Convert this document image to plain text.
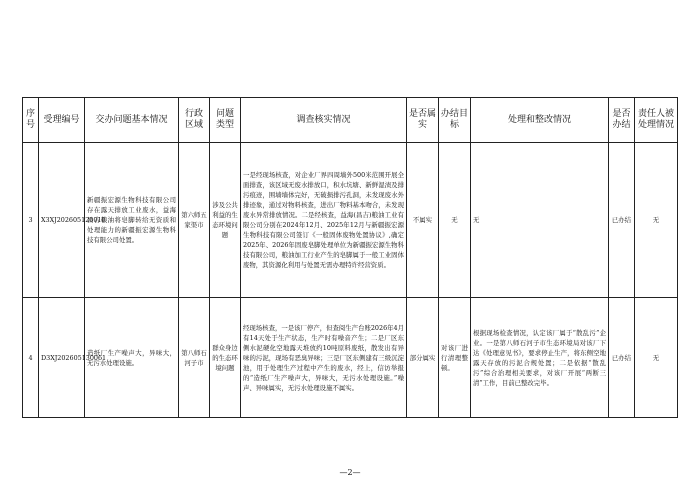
序号	受理编号	交办问题基本情况	行政区域	问题类型	调查核实情况	是否属实	办结目标	处理和整改情况	是否办结	责任人被处理情况
3	X3XJ202605120010	新疆振宏源生物科技有限公司存在露天排放工业废水，益海昌吉粮油将皂脚转给无资质和处理能力的新疆振宏源生物科技有限公司处置。	第六师五家渠市	涉及公共利益的生态环境问题	一是经现场核查，对企业厂界四周墙外500米范围开展全面排查，该区域无废水排放口，积水坑塘、新鲜湿渍及排污痕迹，围墙墙体完好，无破损排污孔洞，未发现废水外排迹象，通过对物料核查，进出厂物料基本吻合，未发现废水异常排放情况。二是经核查，益海(昌吉)粮油工业有限公司分别在2024年12月、2025年12月与新疆振宏源生物科技有限公司签订《一般固体废物处置协议》,确定2025年、2026年固废皂脚处理单位为新疆振宏源生物科技有限公司，粮油加工行业产生的皂脚属于一般工业固体废物，其资源化利用与处置无需办理特许经营资质。	不属实	无	无	已办结	无
4	D3XJ202605130061	造纸厂生产噪声大，异味大，无污水处理设施。	第八师石河子市	群众身边的生态环境问题	经现场核查，一是该厂停产，但查阅生产台账2026年4月有14天处于生产状态，生产时有噪音产生；二是厂区东侧水泥硬化空地露天堆放约10吨原料废纸，散发出有异味的污泥，现场有恶臭异味；三是厂区东侧建有三级沉淀池，用于处理生产过程中产生的废水，经上，信访举报的“造纸厂生产噪声大，异味大，无污水处理设施。”噪声、异味属实，无污水处理设施不属实。	部分属实	对该厂进行清理整顿。	根据现场检查情况，认定该厂属于“散乱污”企业。一是第八师石河子市生态环境局对该厂下达《处理意见书》，要求停止生产，将东侧空地露天存放的污泥合规处置；二是依据“散乱污”综合治理相关要求，对该厂开展“两断三清”工作，目前已整改完毕。	已办结	无
—2—
